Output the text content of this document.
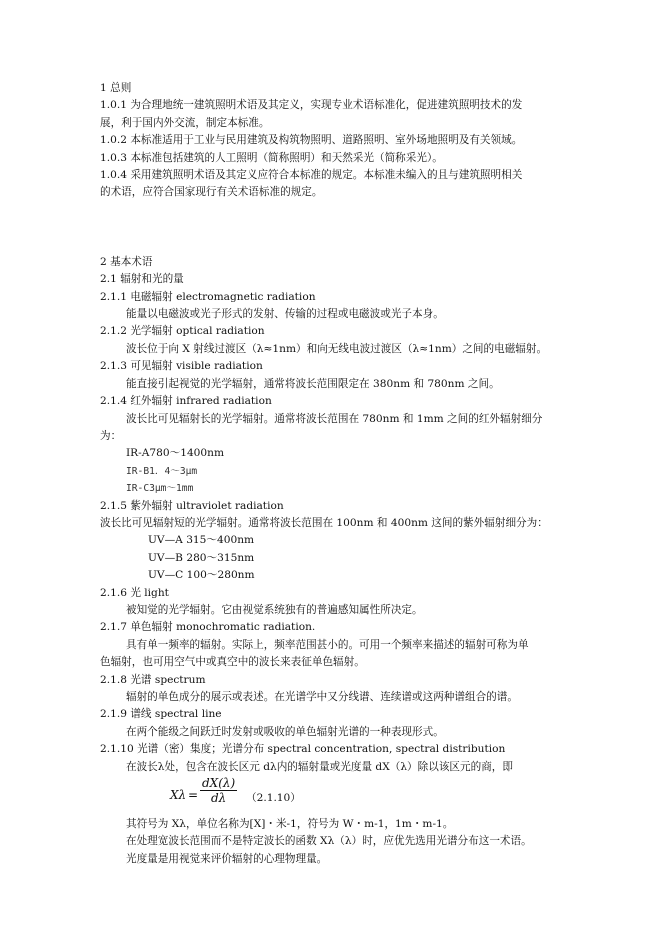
1 总则
1.0.1 为合理地统一建筑照明术语及其定义，实现专业术语标准化，促进建筑照明技术的发
展，利于国内外交流，制定本标准。
1.0.2 本标准适用于工业与民用建筑及构筑物照明、道路照明、室外场地照明及有关领域。
1.0.3 本标准包括建筑的人工照明（简称照明）和天然采光（简称采光）。
1.0.4 采用建筑照明术语及其定义应符合本标准的规定。本标准未编入的且与建筑照明相关
的术语，应符合国家现行有关术语标准的规定。
2 基本术语
2.1 辐射和光的量
2.1.1 电磁辐射 electromagnetic radiation
能量以电磁波或光子形式的发射、传输的过程或电磁波或光子本身。
2.1.2 光学辐射 optical radiation
波长位于向 X 射线过渡区（λ≈1nm）和向无线电波过渡区（λ≈1nm）之间的电磁辐射。
2.1.3 可见辐射 visible radiation
能直接引起视觉的光学辐射，通常将波长范围限定在 380nm 和 780nm 之间。
2.1.4 红外辐射 infrared radiation
波长比可见辐射长的光学辐射。通常将波长范围在 780nm 和 1mm 之间的红外辐射细分
为：
IR-A780～1400nm
IR-B1．4～3μm
IR-C3μm～1mm
2.1.5 紫外辐射 ultraviolet radiation
波长比可见辐射短的光学辐射。通常将波长范围在 100nm 和 400nm 这间的紫外辐射细分为：
UV—A 315～400nm
UV—B 280～315nm
UV—C 100～280nm
2.1.6 光 light
被知觉的光学辐射。它由视觉系统独有的普遍感知属性所决定。
2.1.7 单色辐射 monochromatic radiation.
具有单一频率的辐射。实际上，频率范围甚小的。可用一个频率来描述的辐射可称为单
色辐射，也可用空气中或真空中的波长来表征单色辐射。
2.1.8 光谱 spectrum
辐射的单色成分的展示或表述。在光谱学中又分线谱、连续谱或这两种谱组合的谱。
2.1.9 谱线 spectral line
在两个能级之间跃迁时发射或吸收的单色辐射光谱的一种表现形式。
2.1.10 光谱（密）集度；光谱分布 spectral concentration, spectral distribution
在波长λ处，包含在波长区元 dλ内的辐射量或光度量 dX（λ）除以该区元的商，即
$X\lambda = \frac{dX(\lambda)}{d\lambda} (2.1.10)$
其符号为 Xλ，单位名称为[X]・米-1，符号为 W・m-1，1m・m-1。
在处理宽波长范围而不是特定波长的函数 Xλ（λ）时，应优先选用光谱分布这一术语。
光度量是用视觉来评价辐射的心理物理量。
